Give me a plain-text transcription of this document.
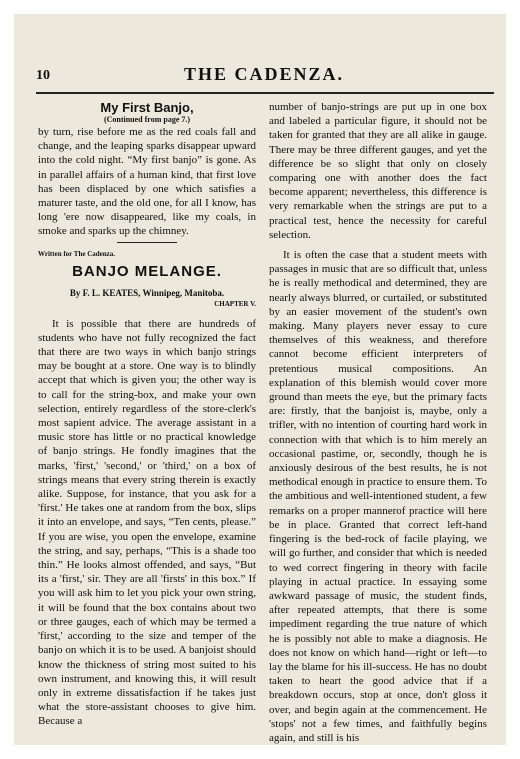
10	THE CADENZA.
My First Banjo,
(Continued from page 7.)

by turn, rise before me as the red coals fall and change, and the leaping sparks disappear upward into the cold night. “My first banjo” is gone. As in parallel affairs of a human kind, that first love has been displaced by one which satisfies a maturer taste, and the old one, for all I know, has long 'ere now disappeared, like my coals, in smoke and sparks up the chimney.

Written for The Cadenza.
BANJO MELANGE.
By F. L. KEATES, Winnipeg, Manitoba.
CHAPTER V.

It is possible that there are hundreds of students who have not fully recognized the fact that there are two ways in which banjo strings may be bought at a store. One way is to blindly accept that which is given you; the other way is to call for the string-box, and make your own selection, entirely regardless of the store-clerk's most sapient advice. The average assistant in a music store has little or no practical knowledge of banjo strings. He fondly imagines that the marks, 'first,' 'second,' or 'third,' on a box of strings means that every string therein is exactly alike. Suppose, for instance, that you ask for a 'first.' He takes one at random from the box, slips it into an envelope, and says, “Ten cents, please.” If you are wise, you open the envelope, examine the string, and say, perhaps, “This is a shade too thin.” He looks almost offended, and says, “But its a 'first,' sir. They are all 'firsts' in this box.” If you will ask him to let you pick your own string, it will be found that the box contains about two or three gauges, each of which may be termed a 'first,' according to the size and temper of the banjo on which it is to be used. A banjoist should know the thickness of string most suited to his own instrument, and knowing this, it will result only in extreme dissatisfaction if he takes just what the store-assistant chooses to give him. Because a

number of banjo-strings are put up in one box and labeled a particular figure, it should not be taken for granted that they are all alike in gauge. There may be three different gauges, and yet the difference be so slight that only on closely comparing one with another does the fact become apparent; nevertheless, this difference is very remarkable when the strings are put to a practical test, hence the necessity for careful selection.

It is often the case that a student meets with passages in music that are so difficult that, unless he is really methodical and determined, they are nearly always blurred, or curtailed, or substituted by an easier movement of the student's own making. Many players never essay to cure themselves of this weakness, and therefore cannot become efficient interpreters of pretentious musical compositions. An explanation of this blemish would cover more ground than meets the eye, but the primary facts are: firstly, that the banjoist is, maybe, only a trifler, with no intention of courting hard work in connection with that which is to him merely an occasional pastime, or, secondly, though he is anxiously desirous of the best results, he is not methodical enough in practice to ensure them. To the ambitious and well-intentioned student, a few remarks on a proper mannerof practice will here be in place. Granted that correct left-hand fingering is the bed-rock of facile playing, we will go further, and consider that which is needed to wed correct fingering in theory with facile playing in actual practice. In essaying some awkward passage of music, the student finds, after repeated attempts, that there is some impediment regarding the true nature of which he is possibly not able to make a diagnosis. He does not know on which hand—right or left—to lay the blame for his ill-success. He has no doubt taken to heart the good advice that if a breakdown occurs, stop at once, don't gloss it over, and begin again at the commencement. He 'stops' not a few times, and faithfully begins again, and still is his
